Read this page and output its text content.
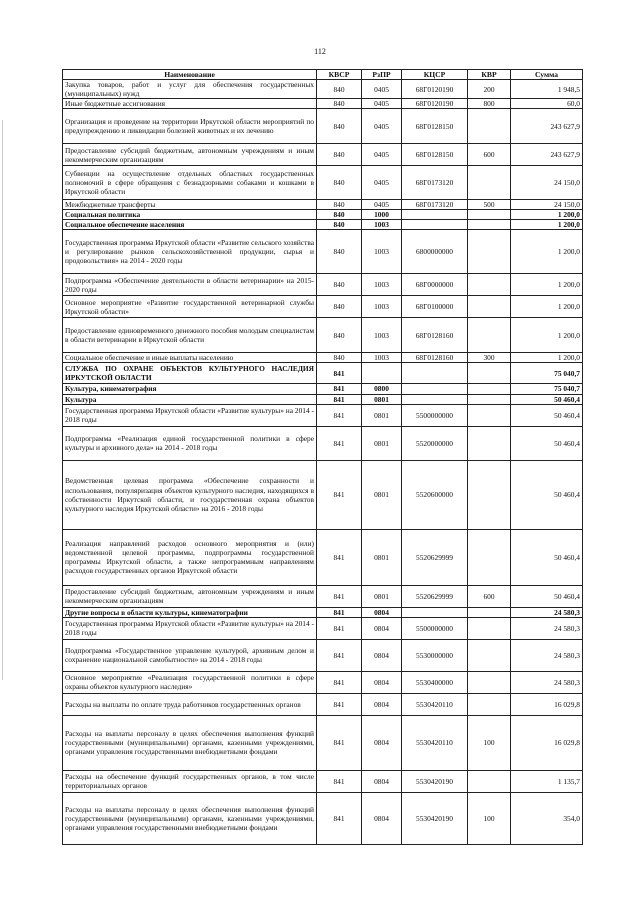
112
Наименование	КВСР	РзПР	КЦСР	КВР	Сумма
Закупка товаров, работ и услуг для обеспечения государственных (муниципальных) нужд	840	0405	68Г0120190	200	1 948,5
Иные бюджетные ассигнования	840	0405	68Г0120190	800	60,0
Организация и проведение на территории Иркутской области мероприятий по предупреждению и ликвидации болезней животных и их лечению	840	0405	68Г0128150		243 627,9
Предоставление субсидий бюджетным, автономным учреждениям и иным некоммерческим организациям	840	0405	68Г0128150	600	243 627,9
Субвенции на осуществление отдельных областных государственных полномочий в сфере обращения с безнадзорными собаками и кошками в Иркутской области	840	0405	68Г0173120		24 150,0
Межбюджетные трансферты	840	0405	68Г0173120	500	24 150,0
Социальная политика	840	1000			1 200,0
Социальное обеспечение населения	840	1003			1 200,0
Государственная программа Иркутской области «Развитие сельского хозяйства и регулирование рынков сельскохозяйственной продукции, сырья и продовольствия» на 2014 - 2020 годы	840	1003	6800000000		1 200,0
Подпрограмма «Обеспечение деятельности в области ветеринарии» на 2015-2020 годы	840	1003	68Г0000000		1 200,0
Основное мероприятие «Развитие государственной ветеринарной службы Иркутской области»	840	1003	68Г0100000		1 200,0
Предоставление единовременного денежного пособия молодым специалистам в области ветеринарии в Иркутской области	840	1003	68Г0128160		1 200,0
Социальное обеспечение и иные выплаты населению	840	1003	68Г0128160	300	1 200,0
СЛУЖБА ПО ОХРАНЕ ОБЪЕКТОВ КУЛЬТУРНОГО НАСЛЕДИЯ ИРКУТСКОЙ ОБЛАСТИ	841				75 040,7
Культура, кинематография	841	0800			75 040,7
Культура	841	0801			50 460,4
Государственная программа Иркутской области «Развитие культуры» на 2014 - 2018 годы	841	0801	5500000000		50 460,4
Подпрограмма «Реализация единой государственной политики в сфере культуры и архивного дела» на 2014 - 2018 годы	841	0801	5520000000		50 460,4
Ведомственная целевая программа «Обеспечение сохранности и использования, популяризация объектов культурного наследия, находящихся в собственности Иркутской области, и государственная охрана объектов культурного наследия Иркутской области» на 2016 - 2018 годы	841	0801	5520600000		50 460,4
Реализация направлений расходов основного мероприятия и (или) ведомственной целевой программы, подпрограммы государственной программы Иркутской области, а также непрограммным направлениям расходов государственных органов Иркутской области	841	0801	5520629999		50 460,4
Предоставление субсидий бюджетным, автономным учреждениям и иным некоммерческим организациям	841	0801	5520629999	600	50 460,4
Другие вопросы в области культуры, кинематографии	841	0804			24 580,3
Государственная программа Иркутской области «Развитие культуры» на 2014 - 2018 годы	841	0804	5500000000		24 580,3
Подпрограмма «Государственное управление культурой, архивным делом и сохранение национальной самобытности» на 2014 - 2018 годы	841	0804	5530000000		24 580,3
Основное мероприятие «Реализация государственной политики в сфере охраны объектов культурного наследия»	841	0804	5530400000		24 580,3
Расходы на выплаты по оплате труда работников государственных органов	841	0804	5530420110		16 029,8
Расходы на выплаты персоналу в целях обеспечения выполнения функций государственными (муниципальными) органами, казенными учреждениями, органами управления государственными внебюджетными фондами	841	0804	5530420110	100	16 029,8
Расходы на обеспечение функций государственных органов, в том числе территориальных органов	841	0804	5530420190		1 135,7
Расходы на выплаты персоналу в целях обеспечения выполнения функций государственными (муниципальными) органами, казенными учреждениями, органами управления государственными внебюджетными фондами	841	0804	5530420190	100	354,0
